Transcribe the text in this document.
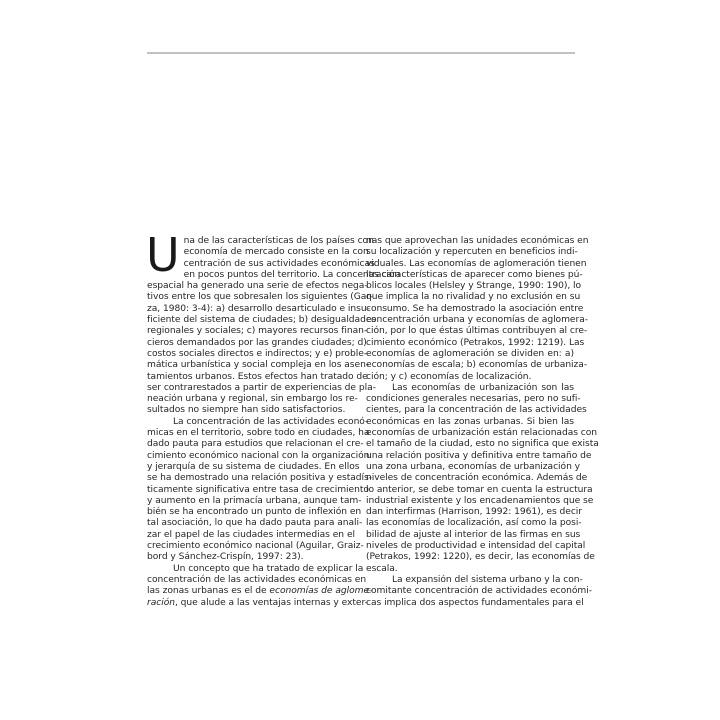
U na de las características de los países con
economía de mercado consiste en la con
centración de sus actividades económicas
en pocos puntos del territorio. La concentración
espacial ha generado una serie de efectos nega-
tivos entre los que sobresalen los siguientes (Gar-
za, 1980: 3-4): a) desarrollo desarticulado e insu-
ficiente del sistema de ciudades; b) desigualdades
regionales y sociales; c) mayores recursos finan-
cieros demandados por las grandes ciudades; d)
costos sociales directos e indirectos; y e) proble-
mática urbanística y social compleja en los asen-
tamientos urbanos. Estos efectos han tratado de
ser contrarestados a partir de experiencias de pla-
neación urbana y regional, sin embargo los re-
sultados no siempre han sido satisfactorios.

La concentración de las actividades econó-
micas en el territorio, sobre todo en ciudades, ha
dado pauta para estudios que relacionan el cre-
cimiento económico nacional con la organización
y jerarquía de su sistema de ciudades. En ellos
se ha demostrado una relación positiva y estadís-
ticamente significativa entre tasa de crecimiento
y aumento en la primacía urbana, aunque tam-
bién se ha encontrado un punto de inflexión en
tal asociación, lo que ha dado pauta para anali-
zar el papel de las ciudades intermedias en el
crecimiento económico nacional (Aguilar, Graiz-
bord y Sánchez-Crispín, 1997: 23).

Un concepto que ha tratado de explicar la
concentración de las actividades económicas en
las zonas urbanas es el de economías de aglome-
ración, que alude a las ventajas internas y exter-

nas que aprovechan las unidades económicas en
su localización y repercuten en beneficios indi-
viduales. Las economías de aglomeración tienen
las características de aparecer como bienes pú-
blicos locales (Helsley y Strange, 1990: 190), lo
que implica la no rivalidad y no exclusión en su
consumo. Se ha demostrado la asociación entre
concentración urbana y economías de aglomera-
ción, por lo que éstas últimas contribuyen al cre-
cimiento económico (Petrakos, 1992: 1219). Las
economías de aglomeración se dividen en: a)
economías de escala; b) economías de urbaniza-
ción; y c) economías de localización.

Las economías de urbanización son las
condiciones generales necesarias, pero no sufi-
cientes, para la concentración de las actividades
económicas en las zonas urbanas. Si bien las
economías de urbanización están relacionadas con
el tamaño de la ciudad, esto no significa que exista
una relación positiva y definitiva entre tamaño de
una zona urbana, economías de urbanización y
niveles de concentración económica. Además de
lo anterior, se debe tomar en cuenta la estructura
industrial existente y los encadenamientos que se
dan interfirmas (Harrison, 1992: 1961), es decir
las economías de localización, así como la posi-
bilidad de ajuste al interior de las firmas en sus
niveles de productividad e intensidad del capital
(Petrakos, 1992: 1220), es decir, las economías de
escala.

La expansión del sistema urbano y la con-
comitante concentración de actividades económi-
cas implica dos aspectos fundamentales para el
